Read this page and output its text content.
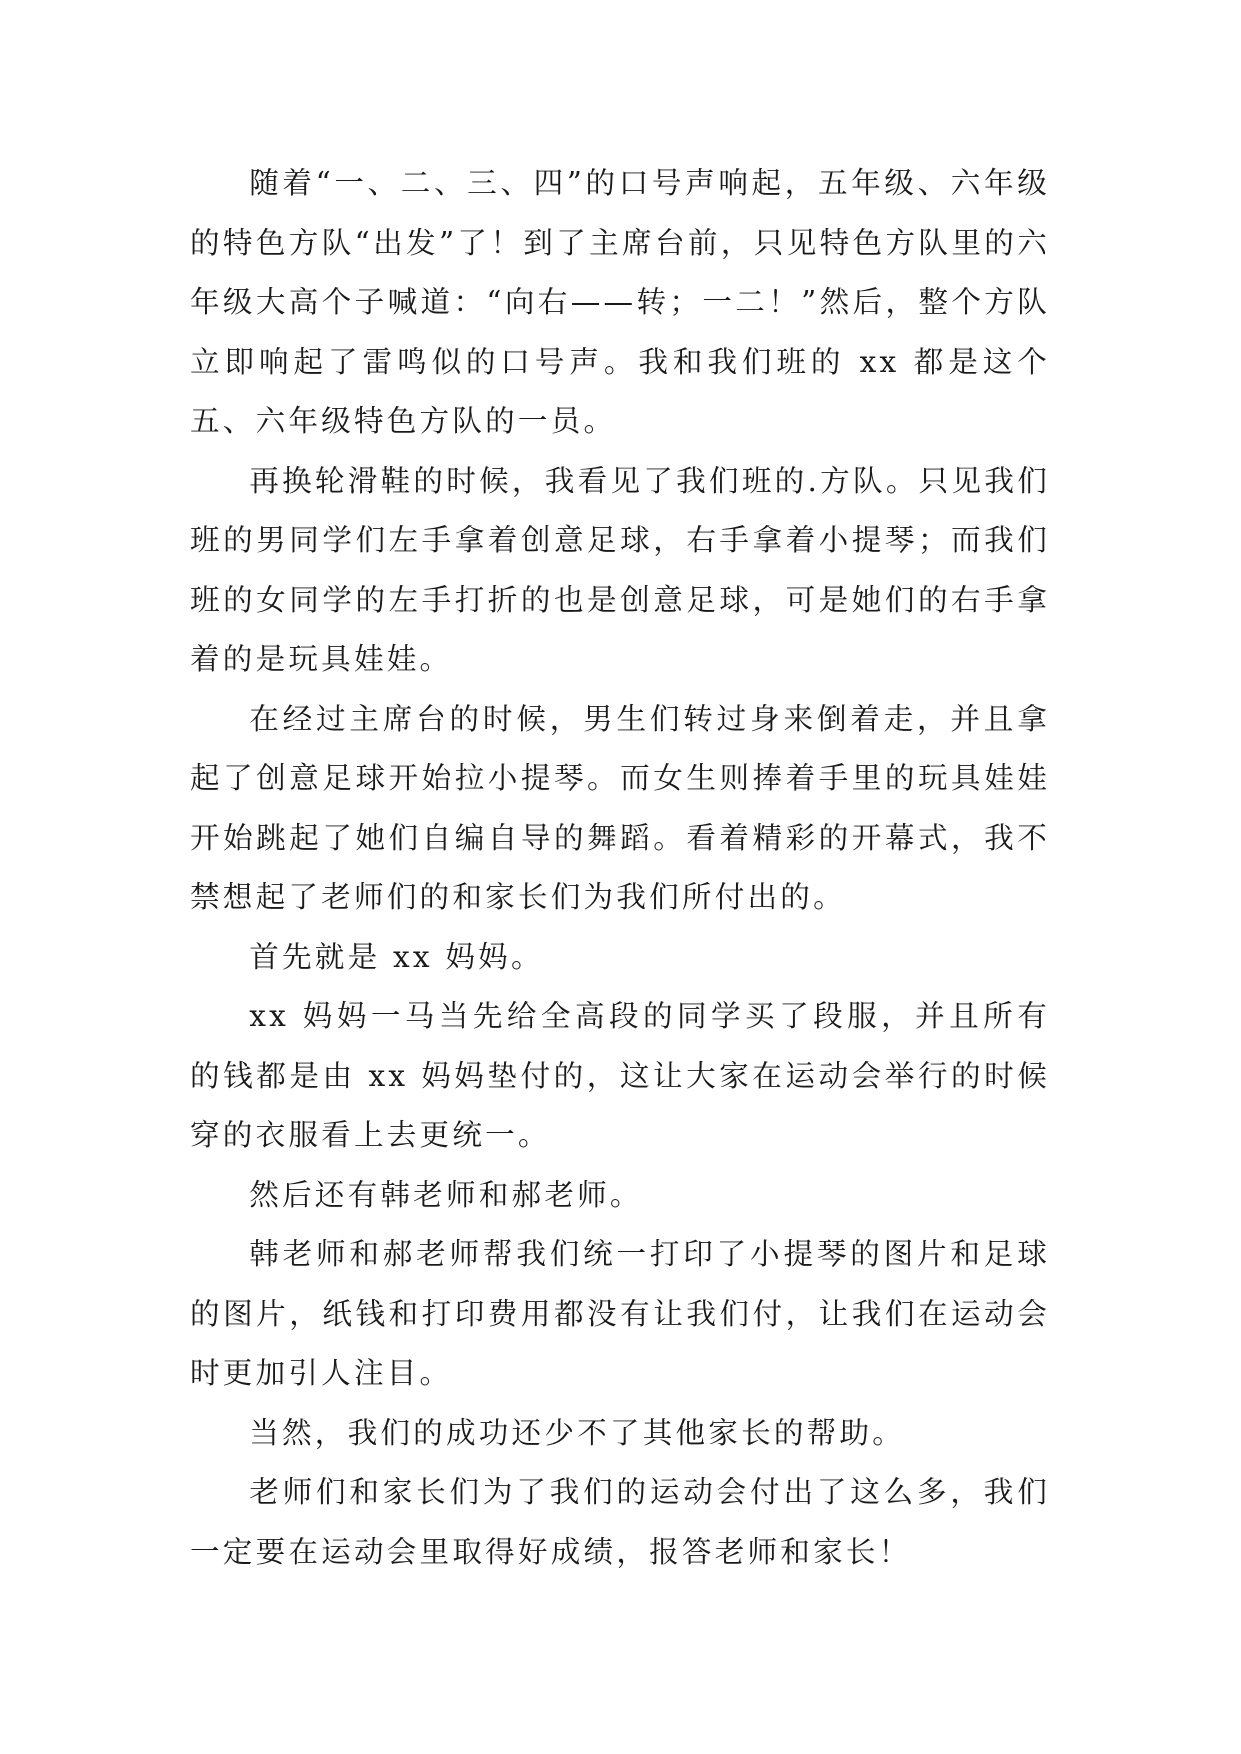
随着“一、二、三、四”的口号声响起，五年级、六年级的特色方队“出发”了！到了主席台前，只见特色方队里的六年级大高个子喊道：“向右——转；一二！”然后，整个方队立即响起了雷鸣似的口号声。我和我们班的 xx 都是这个五、六年级特色方队的一员。

再换轮滑鞋的时候，我看见了我们班的.方队。只见我们班的男同学们左手拿着创意足球，右手拿着小提琴；而我们班的女同学的左手打折的也是创意足球，可是她们的右手拿着的是玩具娃娃。

在经过主席台的时候，男生们转过身来倒着走，并且拿起了创意足球开始拉小提琴。而女生则捧着手里的玩具娃娃开始跳起了她们自编自导的舞蹈。看着精彩的开幕式，我不禁想起了老师们的和家长们为我们所付出的。

首先就是 xx 妈妈。

xx 妈妈一马当先给全高段的同学买了段服，并且所有的钱都是由 xx 妈妈垫付的，这让大家在运动会举行的时候穿的衣服看上去更统一。

然后还有韩老师和郝老师。

韩老师和郝老师帮我们统一打印了小提琴的图片和足球的图片，纸钱和打印费用都没有让我们付，让我们在运动会时更加引人注目。

当然，我们的成功还少不了其他家长的帮助。

老师们和家长们为了我们的运动会付出了这么多，我们一定要在运动会里取得好成绩，报答老师和家长！
